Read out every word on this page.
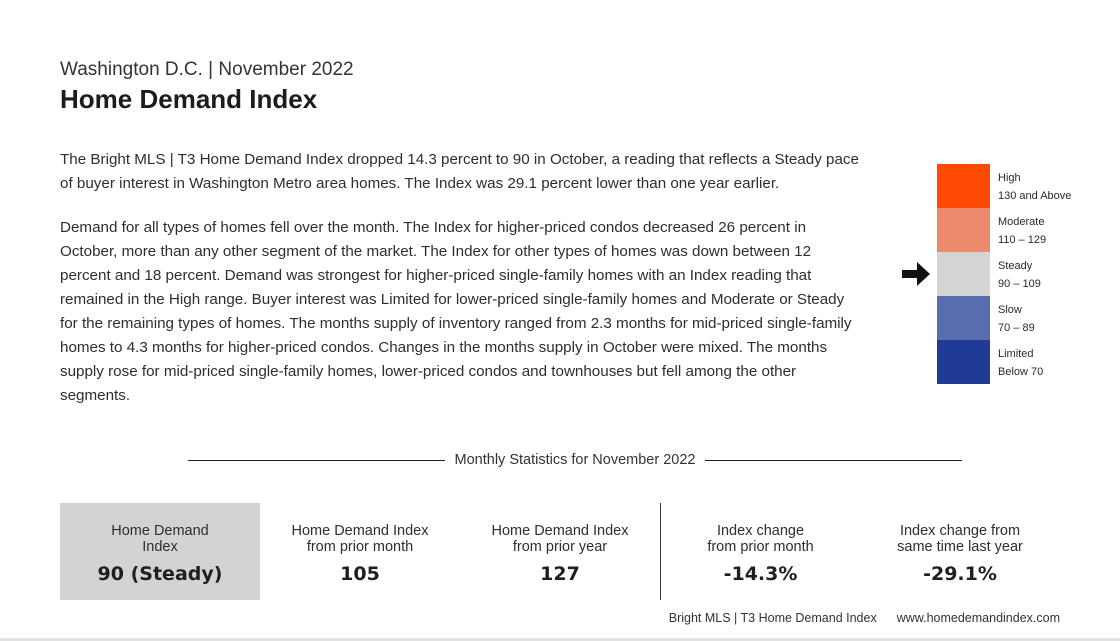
Washington D.C. | November 2022
Home Demand Index

The Bright MLS | T3 Home Demand Index dropped 14.3 percent to 90 in October, a reading that reflects a Steady pace of buyer interest in Washington Metro area homes. The Index was 29.1 percent lower than one year earlier.

Demand for all types of homes fell over the month. The Index for higher-priced condos decreased 26 percent in October, more than any other segment of the market. The Index for other types of homes was down between 12 percent and 18 percent. Demand was strongest for higher-priced single-family homes with an Index reading that remained in the High range. Buyer interest was Limited for lower-priced single-family homes and Moderate or Steady for the remaining types of homes. The months supply of inventory ranged from 2.3 months for mid-priced single-family homes to 4.3 months for higher-priced condos. Changes in the months supply in October were mixed. The months supply rose for mid-priced single-family homes, lower-priced condos and townhouses but fell among the other segments.

High
130 and Above
Moderate
110 – 129
Steady
90 – 109
Slow
70 – 89
Limited
Below 70
Monthly Statistics for November 2022
Home Demand
Index
90 (Steady)
Home Demand Index
from prior month
105
Home Demand Index
from prior year
127
Index change
from prior month
-14.3%
Index change from
same time last year
-29.1%
Bright MLS | T3 Home Demand Index www.homedemandindex.com
